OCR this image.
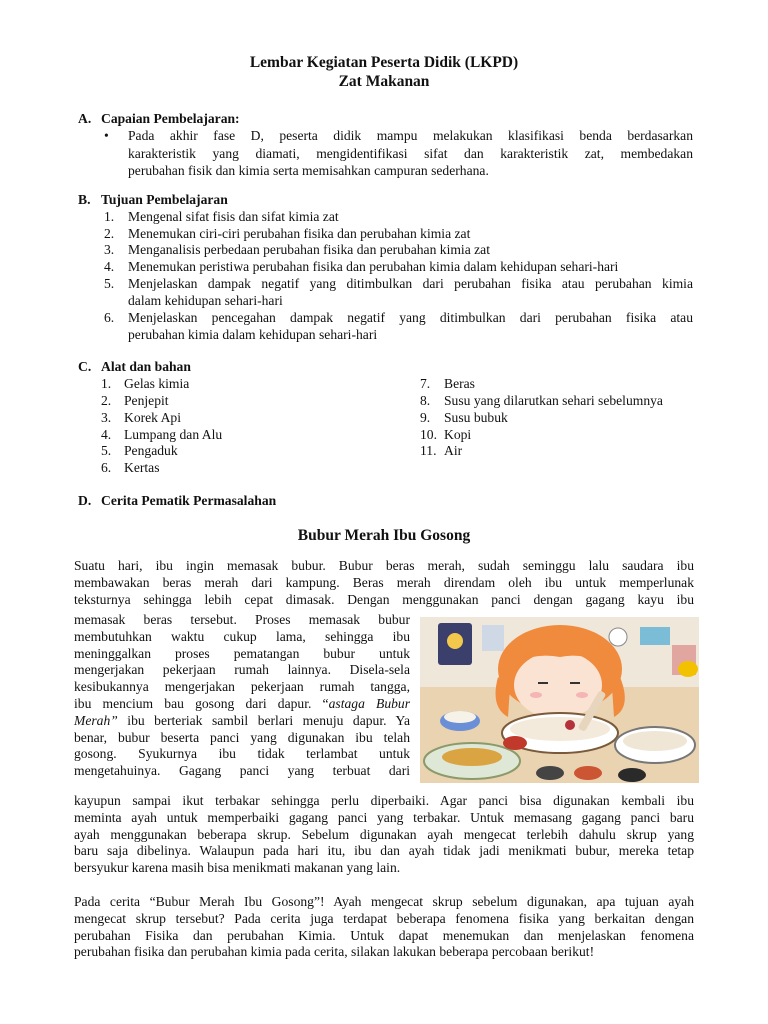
Lembar Kegiatan Peserta Didik (LKPD)
Zat Makanan
A. Capaian Pembelajaran:
• Pada akhir fase D, peserta didik mampu melakukan klasifikasi benda berdasarkan
karakteristik yang diamati, mengidentifikasi sifat dan karakteristik zat, membedakan
perubahan fisik dan kimia serta memisahkan campuran sederhana.
B. Tujuan Pembelajaran
1. Mengenal sifat fisis dan sifat kimia zat
2. Menemukan ciri-ciri perubahan fisika dan perubahan kimia zat
3. Menganalisis perbedaan perubahan fisika dan perubahan kimia zat
4. Menemukan peristiwa perubahan fisika dan perubahan kimia dalam kehidupan sehari-hari
5. Menjelaskan dampak negatif yang ditimbulkan dari perubahan fisika atau perubahan kimia
dalam kehidupan sehari-hari
6. Menjelaskan pencegahan dampak negatif yang ditimbulkan dari perubahan fisika atau
perubahan kimia dalam kehidupan sehari-hari
C. Alat dan bahan
1. Gelas kimia
2. Penjepit
3. Korek Api
4. Lumpang dan Alu
5. Pengaduk
6. Kertas
7. Beras
8. Susu yang dilarutkan sehari sebelumnya
9. Susu bubuk
10. Kopi
11. Air
D. Cerita Pematik Permasalahan
Bubur Merah Ibu Gosong
Suatu hari, ibu ingin memasak bubur. Bubur beras merah, sudah seminggu lalu saudara ibu
membawakan beras merah dari kampung. Beras merah direndam oleh ibu untuk memperlunak
teksturnya sehingga lebih cepat dimasak. Dengan menggunakan panci dengan gagang kayu ibu
memasak beras tersebut. Proses memasak bubur
membutuhkan waktu cukup lama, sehingga ibu
meninggalkan proses pematangan bubur untuk
mengerjakan pekerjaan rumah lainnya. Disela-sela
kesibukannya mengerjakan pekerjaan rumah tangga,
ibu mencium bau gosong dari dapur. “astaga Bubur
Merah” ibu berteriak sambil berlari menuju dapur. Ya
benar, bubur beserta panci yang digunakan ibu telah
gosong. Syukurnya ibu tidak terlambat untuk
mengetahuinya. Gagang panci yang terbuat dari
kayupun sampai ikut terbakar sehingga perlu diperbaiki. Agar panci bisa digunakan kembali ibu
meminta ayah untuk memperbaiki gagang panci yang terbakar. Untuk memasang gagang panci baru
ayah menggunakan beberapa skrup. Sebelum digunakan ayah mengecat terlebih dahulu skrup yang
baru saja dibelinya. Walaupun pada hari itu, ibu dan ayah tidak jadi menikmati bubur, mereka tetap
bersyukur karena masih bisa menikmati makanan yang lain.
Pada cerita “Bubur Merah Ibu Gosong”! Ayah mengecat skrup sebelum digunakan, apa tujuan ayah
mengecat skrup tersebut? Pada cerita juga terdapat beberapa fenomena fisika yang berkaitan dengan
perubahan Fisika dan perubahan Kimia. Untuk dapat menemukan dan menjelaskan fenomena
perubahan fisika dan perubahan kimia pada cerita, silakan lakukan beberapa percobaan berikut!
